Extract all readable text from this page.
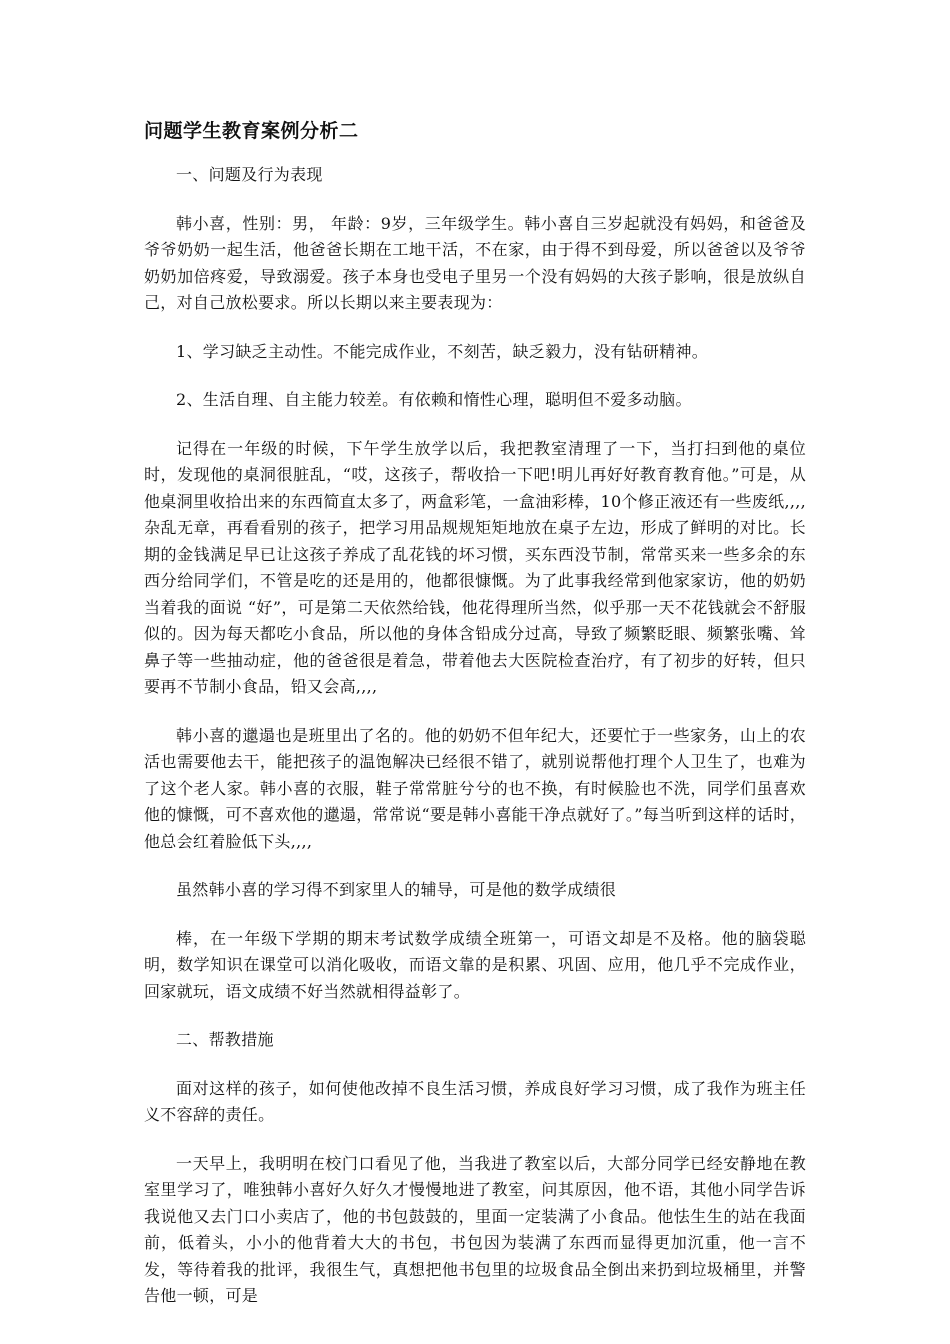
问题学生教育案例分析二

一、问题及行为表现

韩小喜，性别：男， 年龄：9岁，三年级学生。韩小喜自三岁起就没有妈妈，和爸爸及爷爷奶奶一起生活，他爸爸长期在工地干活，不在家，由于得不到母爱，所以爸爸以及爷爷奶奶加倍疼爱，导致溺爱。孩子本身也受电子里另一个没有妈妈的大孩子影响，很是放纵自己，对自己放松要求。所以长期以来主要表现为：

1、学习缺乏主动性。不能完成作业，不刻苦，缺乏毅力，没有钻研精神。

2、生活自理、自主能力较差。有依赖和惰性心理，聪明但不爱多动脑。

记得在一年级的时候，下午学生放学以后，我把教室清理了一下，当打扫到他的桌位时，发现他的桌洞很脏乱，“哎，这孩子，帮收拾一下吧!明儿再好好教育教育他。”可是，从他桌洞里收拾出来的东西简直太多了，两盒彩笔，一盒油彩棒，10个修正液还有一些废纸,,,,杂乱无章，再看看别的孩子，把学习用品规规矩矩地放在桌子左边，形成了鲜明的对比。长期的金钱满足早已让这孩子养成了乱花钱的坏习惯，买东西没节制，常常买来一些多余的东西分给同学们，不管是吃的还是用的，他都很慷慨。为了此事我经常到他家家访，他的奶奶当着我的面说 “好”，可是第二天依然给钱，他花得理所当然，似乎那一天不花钱就会不舒服似的。因为每天都吃小食品，所以他的身体含铅成分过高，导致了频繁眨眼、频繁张嘴、耸鼻子等一些抽动症，他的爸爸很是着急，带着他去大医院检查治疗，有了初步的好转，但只要再不节制小食品，铅又会高,,,,

韩小喜的邋遢也是班里出了名的。他的奶奶不但年纪大，还要忙于一些家务，山上的农活也需要他去干，能把孩子的温饱解决已经很不错了，就别说帮他打理个人卫生了，也难为了这个老人家。韩小喜的衣服，鞋子常常脏兮兮的也不换，有时候脸也不洗，同学们虽喜欢他的慷慨，可不喜欢他的邋遢，常常说“要是韩小喜能干净点就好了。”每当听到这样的话时，他总会红着脸低下头,,,,

虽然韩小喜的学习得不到家里人的辅导，可是他的数学成绩很

棒，在一年级下学期的期末考试数学成绩全班第一，可语文却是不及格。他的脑袋聪明，数学知识在课堂可以消化吸收，而语文靠的是积累、巩固、应用，他几乎不完成作业，回家就玩，语文成绩不好当然就相得益彰了。

二、帮教措施

面对这样的孩子，如何使他改掉不良生活习惯，养成良好学习习惯，成了我作为班主任义不容辞的责任。

一天早上，我明明在校门口看见了他，当我进了教室以后，大部分同学已经安静地在教室里学习了，唯独韩小喜好久好久才慢慢地进了教室，问其原因，他不语，其他小同学告诉我说他又去门口小卖店了，他的书包鼓鼓的，里面一定装满了小食品。他怯生生的站在我面前，低着头，小小的他背着大大的书包，书包因为装满了东西而显得更加沉重，他一言不发，等待着我的批评，我很生气，真想把他书包里的垃圾食品全倒出来扔到垃圾桶里，并警告他一顿，可是
